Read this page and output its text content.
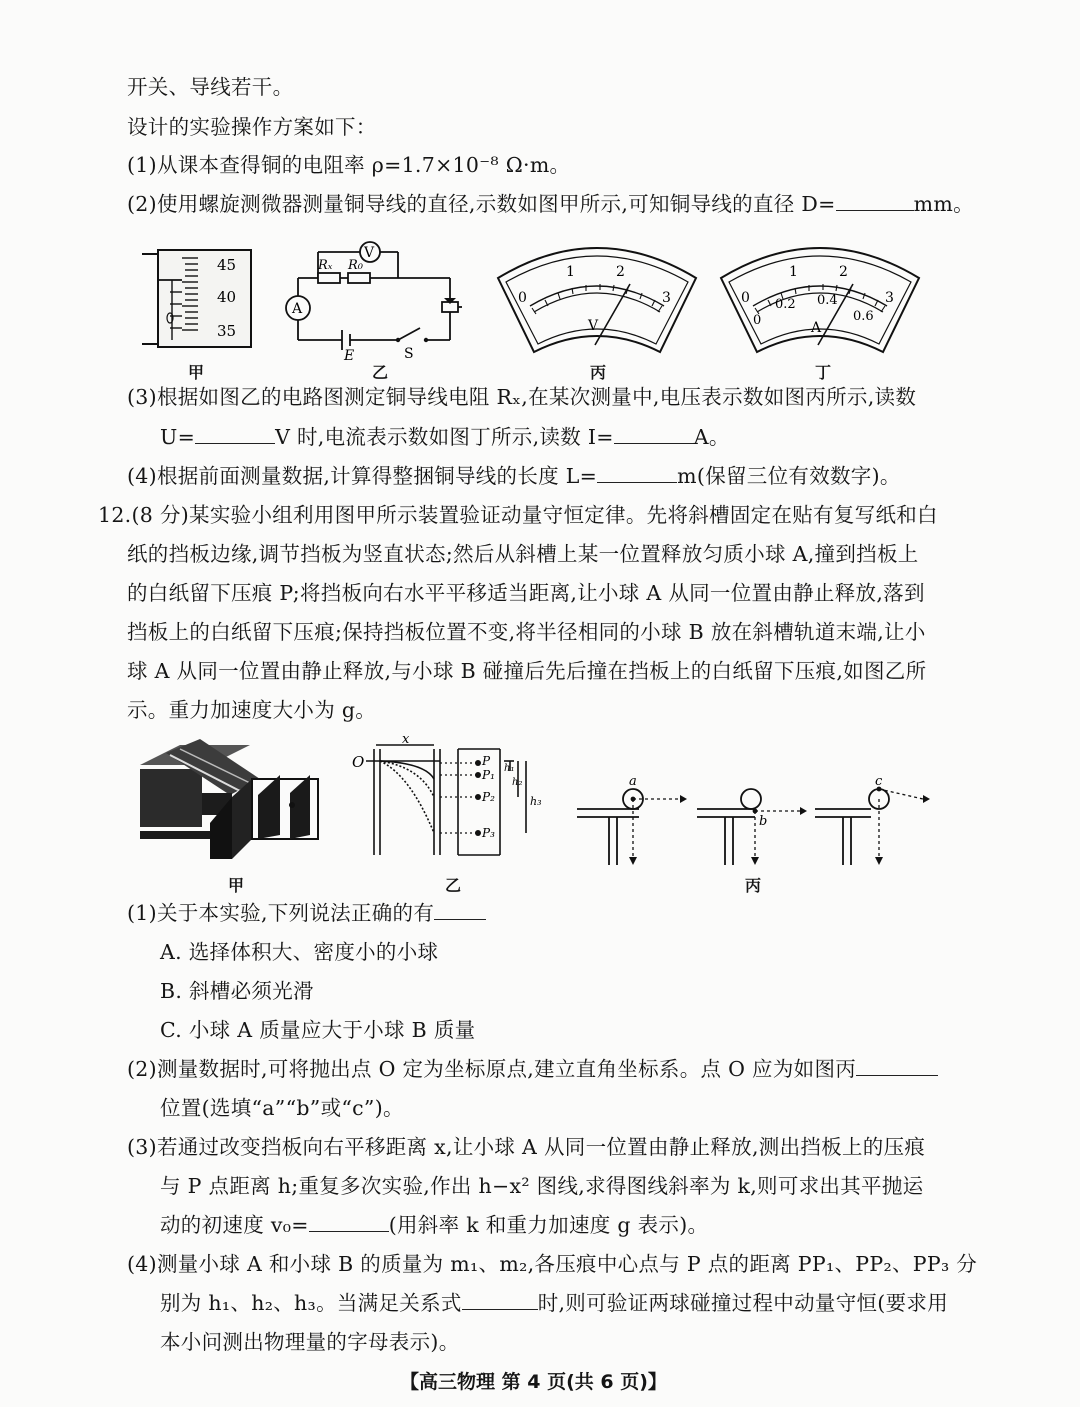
开关、导线若干。
设计的实验操作方案如下：
(1)从课本查得铜的电阻率 ρ=1.7×10⁻⁸ Ω·m。
(2)使用螺旋测微器测量铜导线的直径,示数如图甲所示,可知铜导线的直径 D=	mm。
45
40
35
甲
V
A
Rₓ R₀
E	S
乙
0
1	2
3
V
丙
0
1	2
3
0
0.2 0.4
0.6
A
丁
(3)根据如图乙的电路图测定铜导线电阻 Rₓ,在某次测量中,电压表示数如图丙所示,读数
U=	V 时,电流表示数如图丁所示,读数 I=	A。
(4)根据前面测量数据,计算得整捆铜导线的长度 L=	m(保留三位有效数字)。
12.(8 分)某实验小组利用图甲所示装置验证动量守恒定律。先将斜槽固定在贴有复写纸和白
纸的挡板边缘,调节挡板为竖直状态;然后从斜槽上某一位置释放匀质小球 A,撞到挡板上
的白纸留下压痕 P;将挡板向右水平平移适当距离,让小球 A 从同一位置由静止释放,落到
挡板上的白纸留下压痕;保持挡板位置不变,将半径相同的小球 B 放在斜槽轨道末端,让小
球 A 从同一位置由静止释放,与小球 B 碰撞后先后撞在挡板上的白纸留下压痕,如图乙所
示。重力加速度大小为 g。
甲
x
O	P
P₁
P₂
P₃
h₁
h₂
h₃
乙
a
b
c
丙
(1)关于本实验,下列说法正确的有
A. 选择体积大、密度小的小球
B. 斜槽必须光滑
C. 小球 A 质量应大于小球 B 质量
(2)测量数据时,可将抛出点 O 定为坐标原点,建立直角坐标系。点 O 应为如图丙
位置(选填“a”“b”或“c”)。
(3)若通过改变挡板向右平移距离 x,让小球 A 从同一位置由静止释放,测出挡板上的压痕
与 P 点距离 h;重复多次实验,作出 h−x² 图线,求得图线斜率为 k,则可求出其平抛运
动的初速度 v₀=	(用斜率 k 和重力加速度 g 表示)。
(4)测量小球 A 和小球 B 的质量为 m₁、m₂,各压痕中心点与 P 点的距离 PP₁、PP₂、PP₃ 分
别为 h₁、h₂、h₃。当满足关系式	时,则可验证两球碰撞过程中动量守恒(要求用
本小问测出物理量的字母表示)。
【高三物理 第 4 页(共 6 页)】
